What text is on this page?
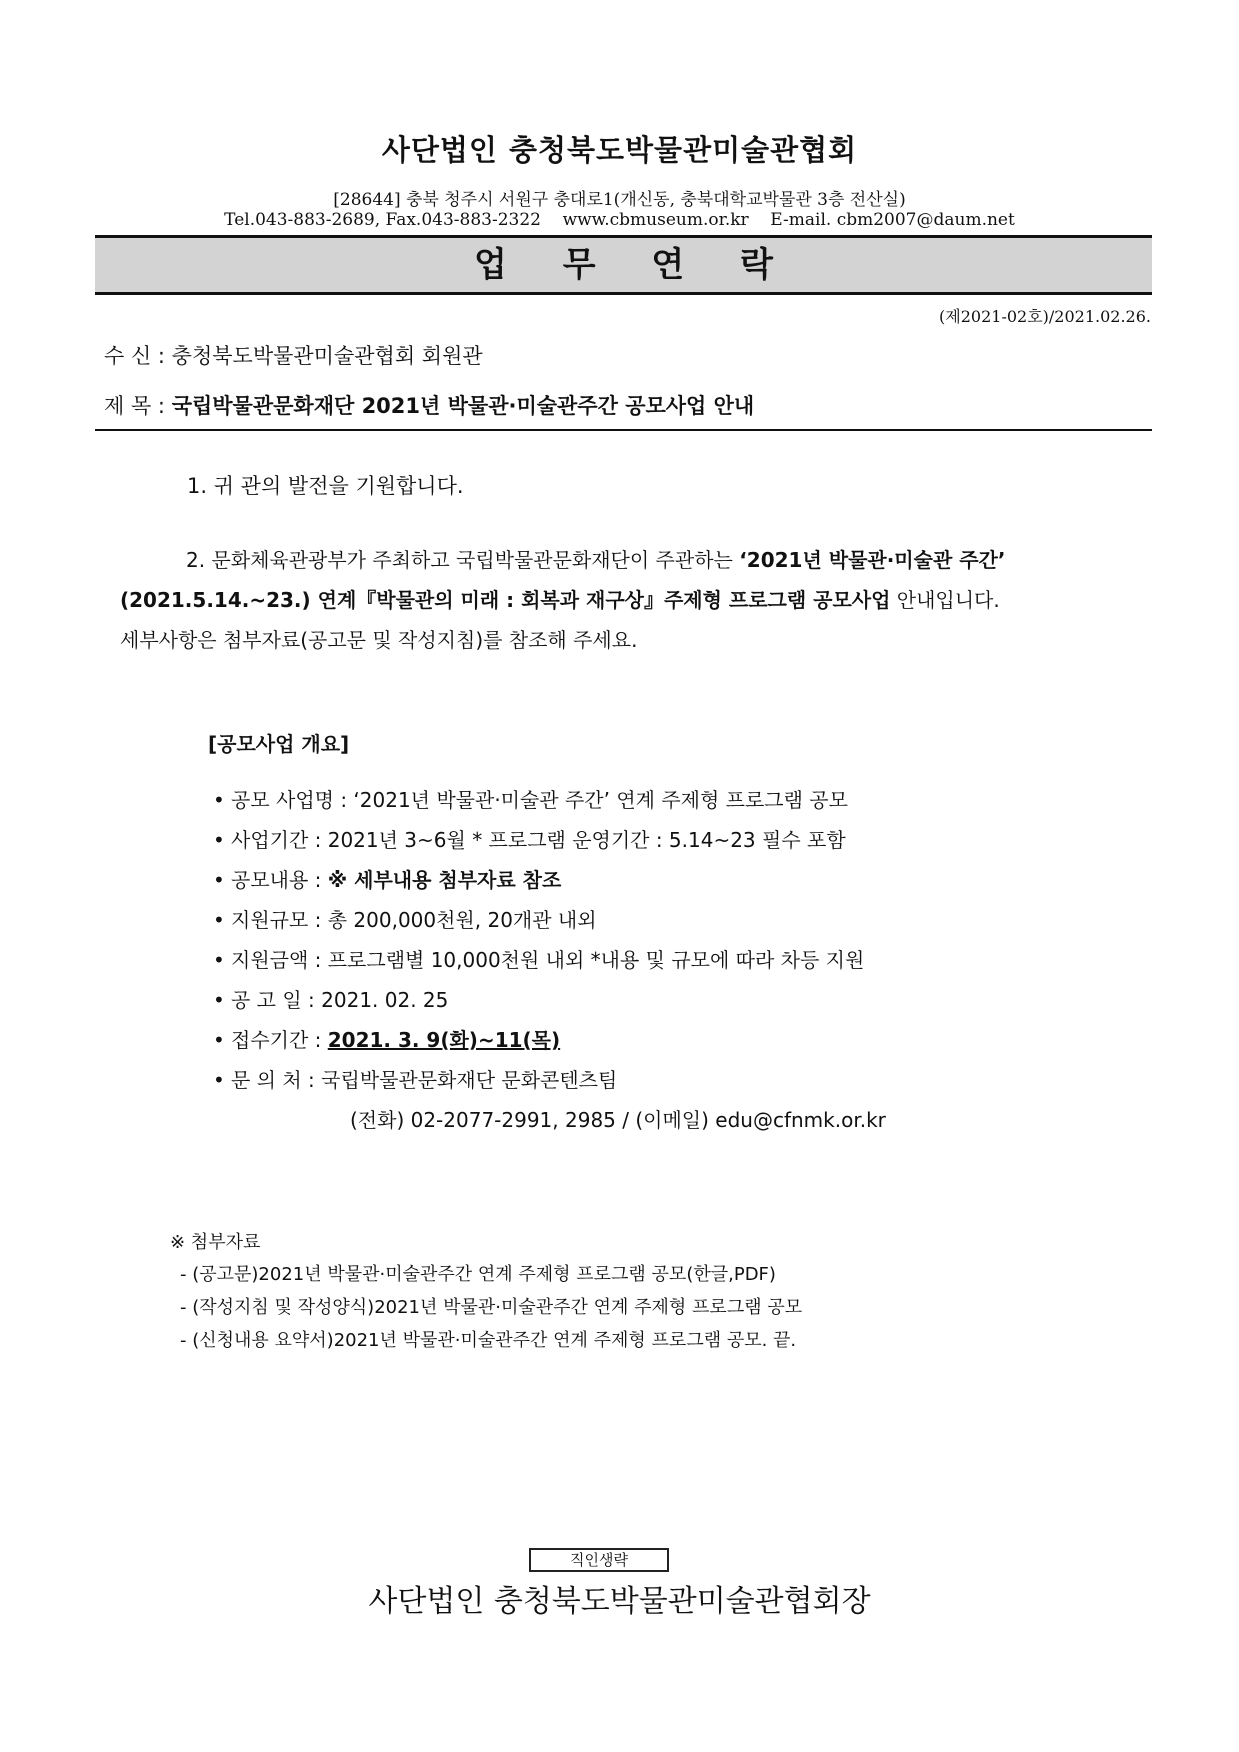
사단법인 충청북도박물관미술관협회
[28644] 충북 청주시 서원구 충대로1(개신동, 충북대학교박물관 3층 전산실)
Tel.043-883-2689, Fax.043-883-2322    www.cbmuseum.or.kr    E-mail. cbm2007@daum.net
업 무 연 락
(제2021-02호)/2021.02.26.
수 신 : 충청북도박물관미술관협회 회원관
제 목 : 국립박물관문화재단 2021년 박물관·미술관주간 공모사업 안내
1. 귀 관의 발전을 기원합니다.
2. 문화체육관광부가 주최하고 국립박물관문화재단이 주관하는 ‘2021년 박물관·미술관 주간’
(2021.5.14.~23.) 연계『박물관의 미래 : 회복과 재구상』주제형 프로그램 공모사업 안내입니다.
세부사항은 첨부자료(공고문 및 작성지침)를 참조해 주세요.
[공모사업 개요]
• 공모 사업명 : ‘2021년 박물관·미술관 주간’ 연계 주제형 프로그램 공모
• 사업기간 : 2021년 3~6월 * 프로그램 운영기간 : 5.14~23 필수 포함
• 공모내용 : ※ 세부내용 첨부자료 참조
• 지원규모 : 총 200,000천원, 20개관 내외
• 지원금액 : 프로그램별 10,000천원 내외 *내용 및 규모에 따라 차등 지원
• 공 고 일 : 2021. 02. 25
• 접수기간 : 2021. 3. 9(화)~11(목)
• 문 의 처 : 국립박물관문화재단 문화콘텐츠팀
(전화) 02-2077-2991, 2985 / (이메일) edu@cfnmk.or.kr
※ 첨부자료
- (공고문)2021년 박물관·미술관주간 연계 주제형 프로그램 공모(한글,PDF)
- (작성지침 및 작성양식)2021년 박물관·미술관주간 연계 주제형 프로그램 공모
- (신청내용 요약서)2021년 박물관·미술관주간 연계 주제형 프로그램 공모. 끝.
직인생략
사단법인 충청북도박물관미술관협회장
